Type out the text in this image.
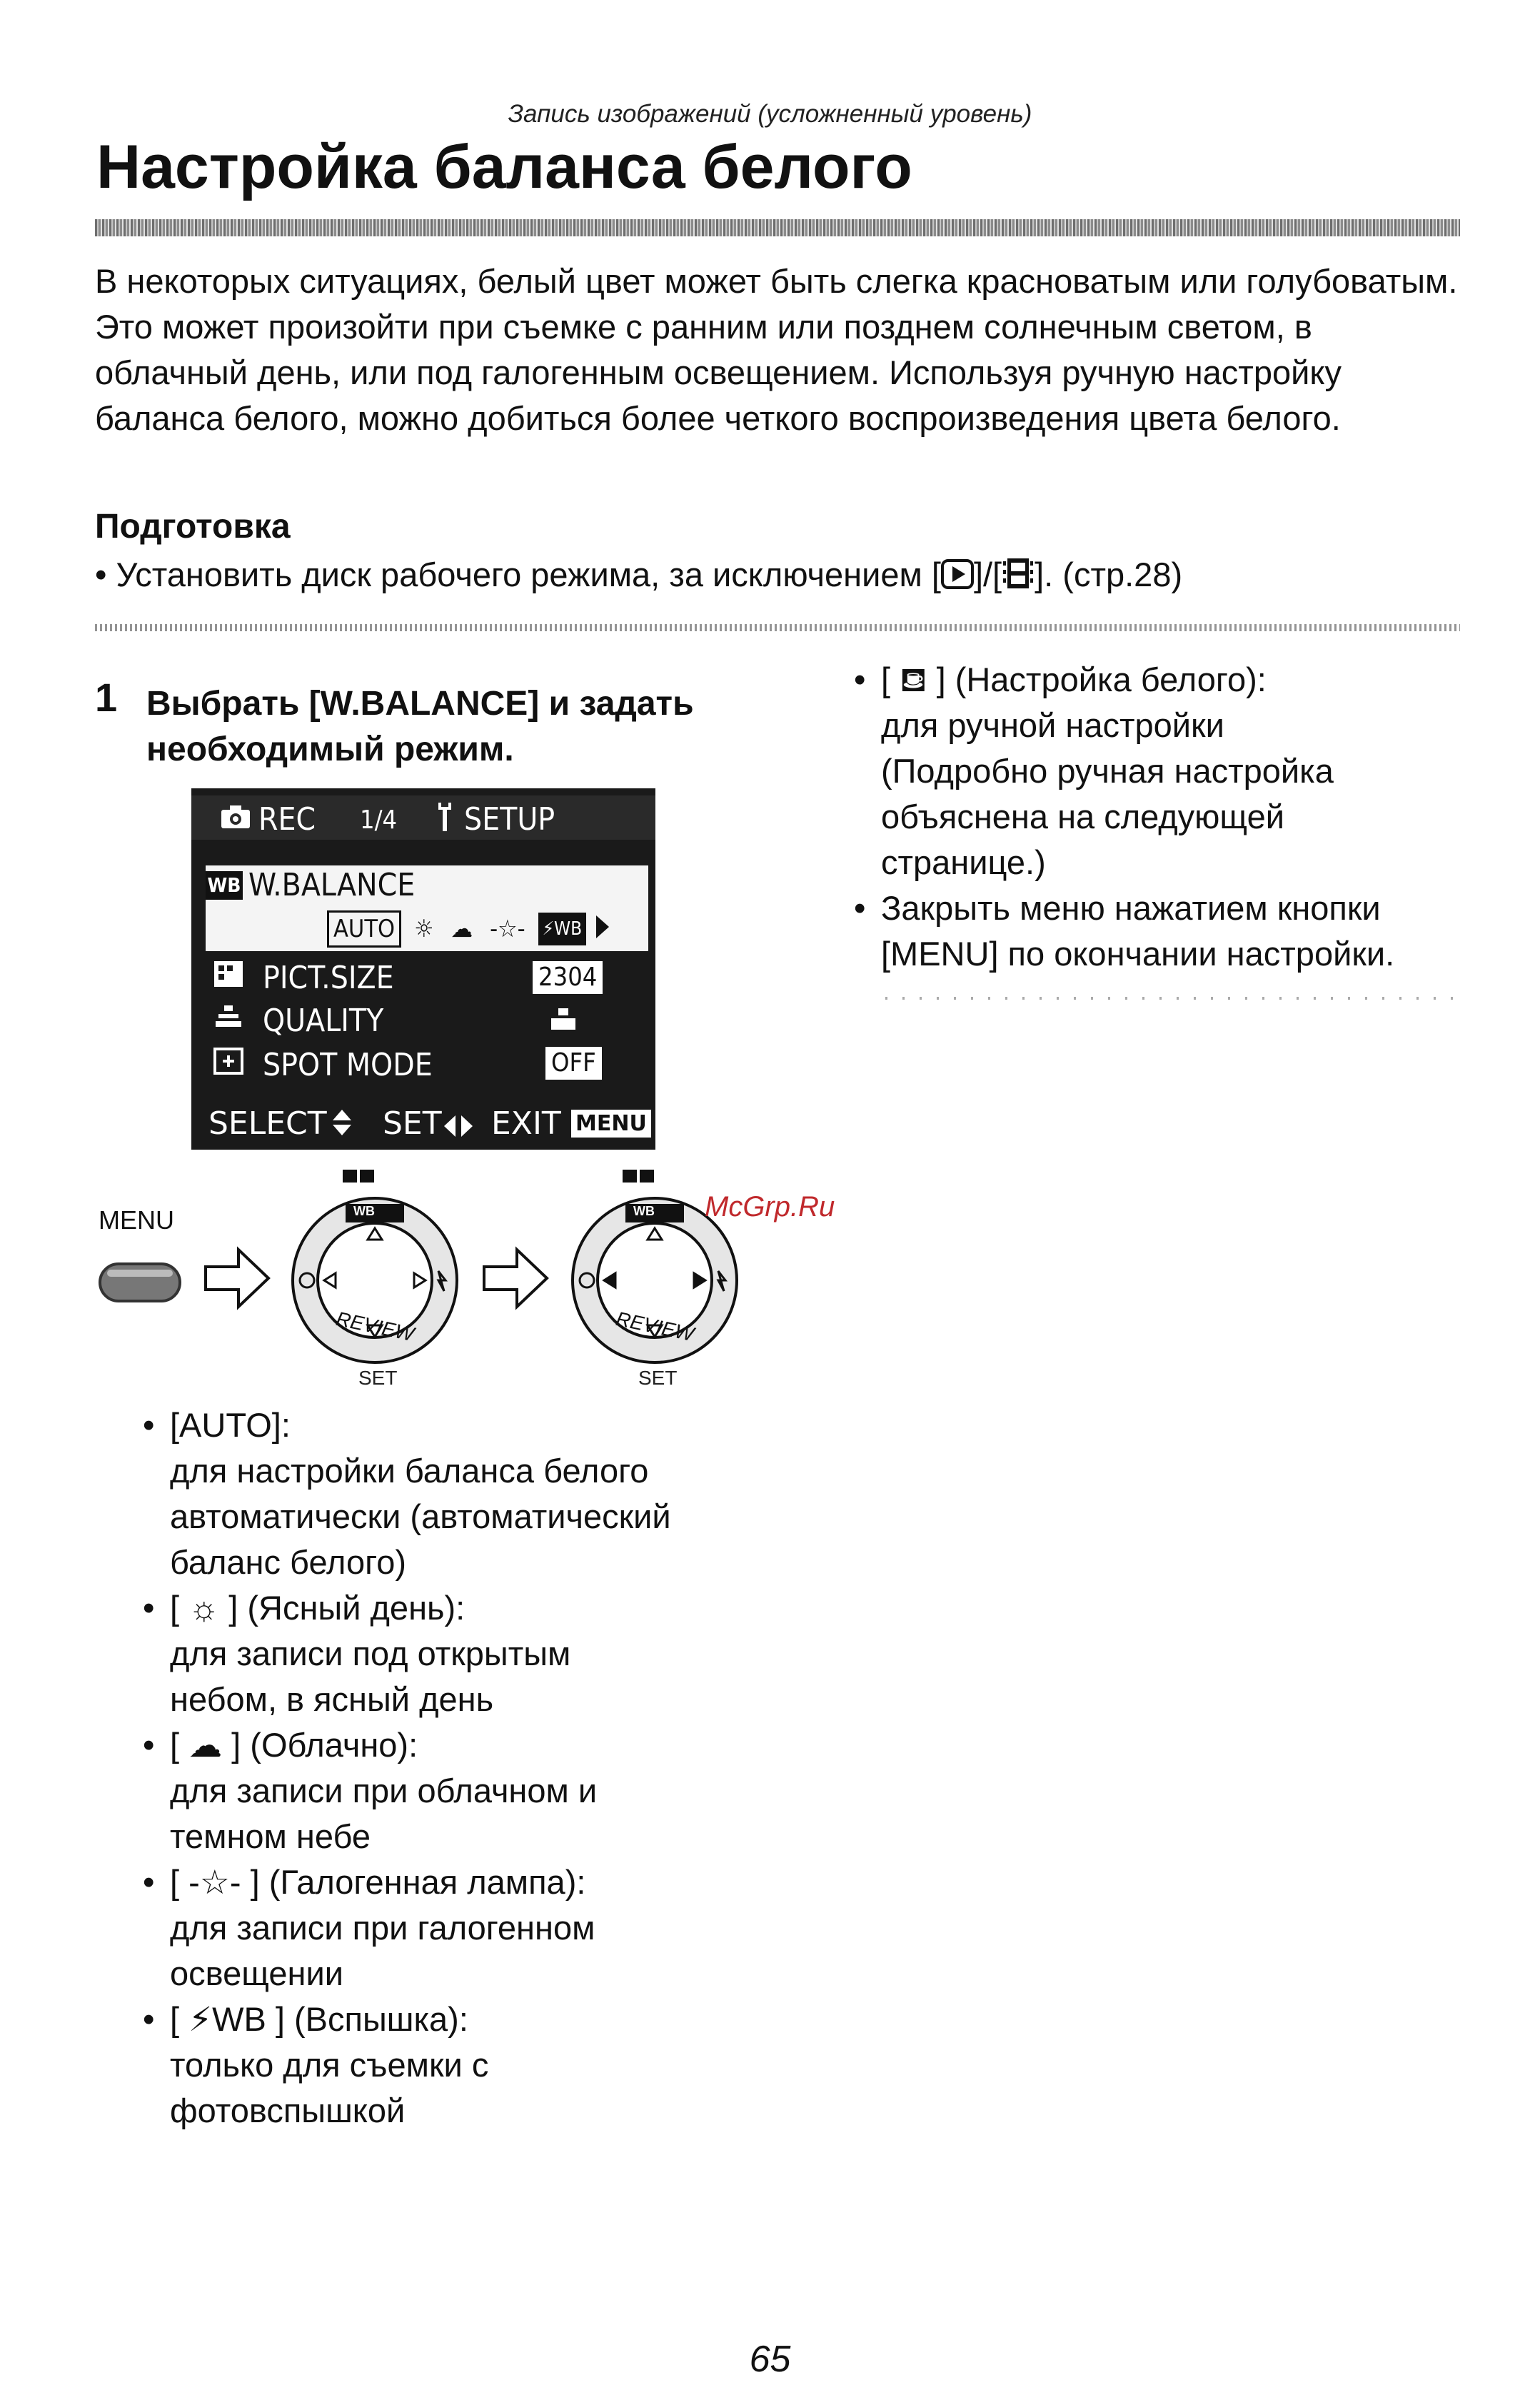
Запись изображений (усложненный уровень)
Настройка баланса белого
В некоторых ситуациях, белый цвет может быть слегка красноватым или голубоватым. Это может произойти при съемке с ранним или позднем солнечным светом, в облачный день, или под галогенным освещением. Используя ручную настройку баланса белого, можно добиться более четкого воспроизведения цвета белого.
Подготовка
• Установить диск рабочего режима, за исключением [ ]/[ ]. (стр.28)
1 Выбрать [W.BALANCE] и задать необходимый режим.
REC 1/4 SETUP
WB W.BALANCE
AUTO ☼ ☁ -☆- ⚡WB
PICT.SIZE	2304
QUALITY
SPOT MODE	OFF
SELECT SET EXIT MENU
MENU	WB
REVIEW
SET
WB
REVIEW
SET
McGrp.Ru
• [AUTO]:
для настройки баланса белого
автоматически (автоматический
баланс белого)
• [ ☼ ] (Ясный день):
для записи под открытым
небом, в ясный день
• [ ☁ ] (Облачно):
для записи при облачном и
темном небе
• [ -☆- ] (Галогенная лампа):
для записи при галогенном
освещении
• [ ⚡WB ] (Вспышка):
только для съемки с
фотовспышкой
• [ ⛾ ] (Настройка белого):
для ручной настройки
(Подробно ручная настройка
объяснена на следующей
странице.)
• Закрыть меню нажатием кнопки
[MENU] по окончании настройки.
65
